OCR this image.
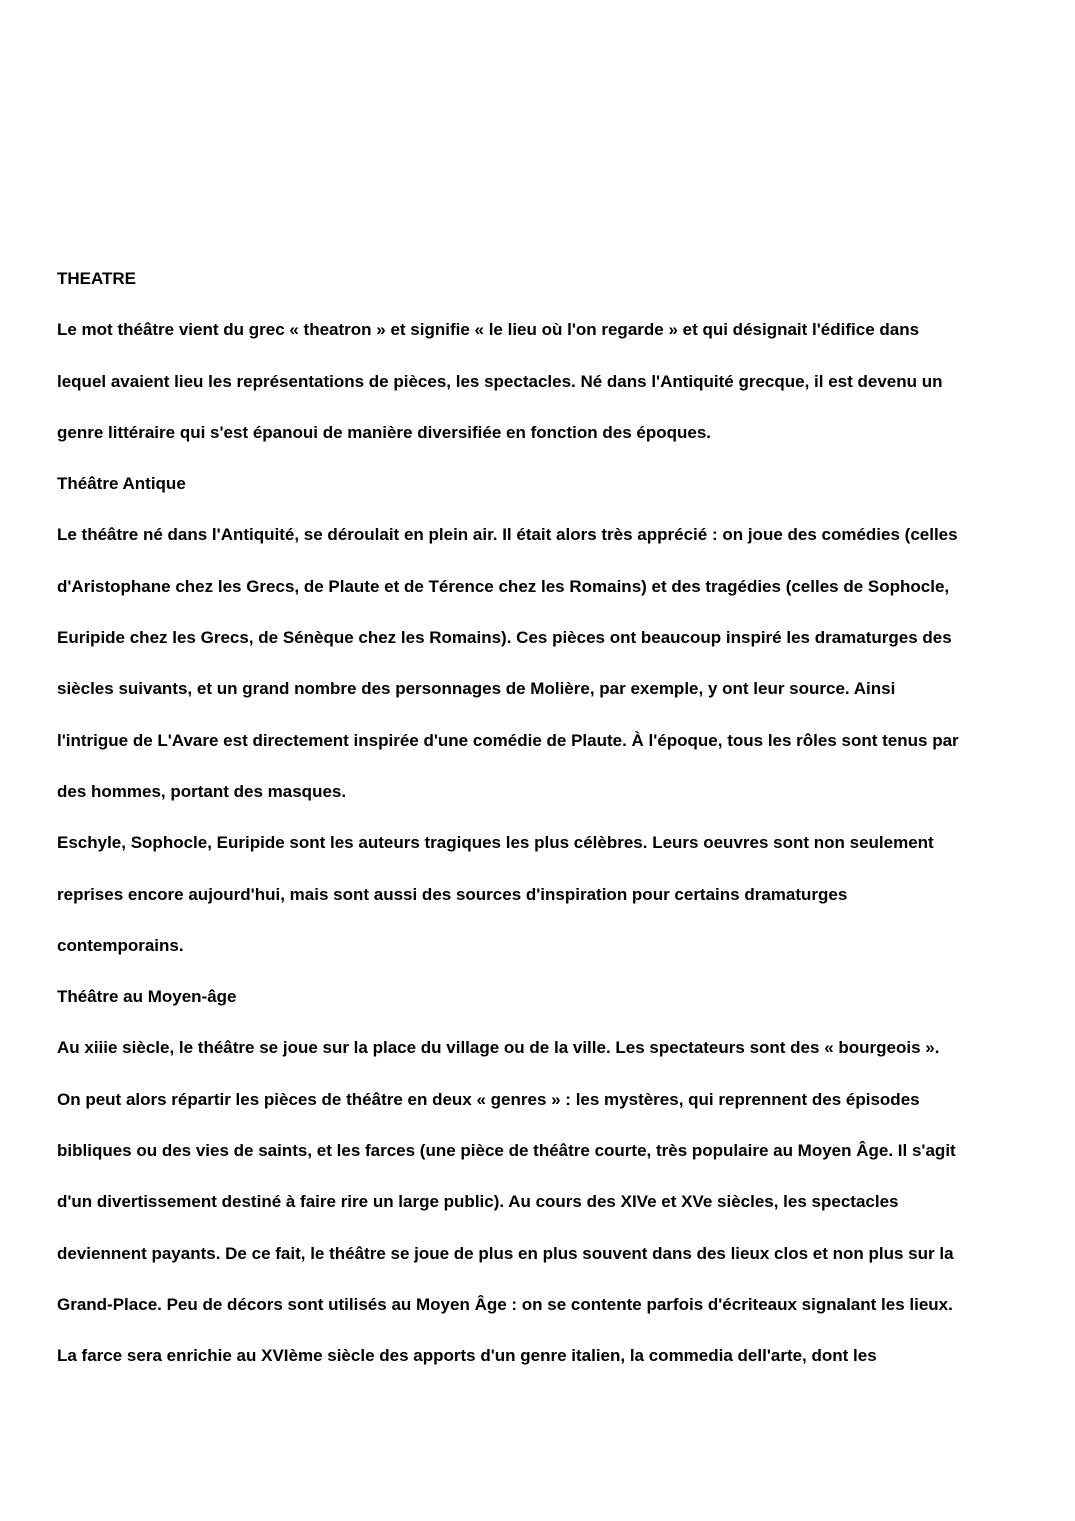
THEATRE
Le mot théâtre vient du grec « theatron » et signifie « le lieu où l'on regarde » et qui désignait l'édifice dans
lequel avaient lieu les représentations de pièces, les spectacles. Né dans l'Antiquité grecque, il est devenu un
genre littéraire qui s'est épanoui de manière diversifiée en fonction des époques.
Théâtre Antique
Le théâtre né dans l'Antiquité, se déroulait en plein air. Il était alors très apprécié : on joue des comédies (celles
d'Aristophane chez les Grecs, de Plaute et de Térence chez les Romains) et des tragédies (celles de Sophocle,
Euripide chez les Grecs, de Sénèque chez les Romains). Ces pièces ont beaucoup inspiré les dramaturges des
siècles suivants, et un grand nombre des personnages de Molière, par exemple, y ont leur source. Ainsi
l'intrigue de L'Avare est directement inspirée d'une comédie de Plaute. À l'époque, tous les rôles sont tenus par
des hommes, portant des masques.
Eschyle, Sophocle, Euripide sont les auteurs tragiques les plus célèbres. Leurs oeuvres sont non seulement
reprises encore aujourd'hui, mais sont aussi des sources d'inspiration pour certains dramaturges
contemporains.
Théâtre au Moyen-âge
Au xiiie siècle, le théâtre se joue sur la place du village ou de la ville. Les spectateurs sont des « bourgeois ».
On peut alors répartir les pièces de théâtre en deux « genres » : les mystères, qui reprennent des épisodes
bibliques ou des vies de saints, et les farces (une pièce de théâtre courte, très populaire au Moyen Âge. Il s'agit
d'un divertissement destiné à faire rire un large public). Au cours des XIVe et XVe siècles, les spectacles
deviennent payants. De ce fait, le théâtre se joue de plus en plus souvent dans des lieux clos et non plus sur la
Grand-Place. Peu de décors sont utilisés au Moyen Âge : on se contente parfois d'écriteaux signalant les lieux.
La farce sera enrichie au XVIème siècle des apports d'un genre italien, la commedia dell'arte, dont les
